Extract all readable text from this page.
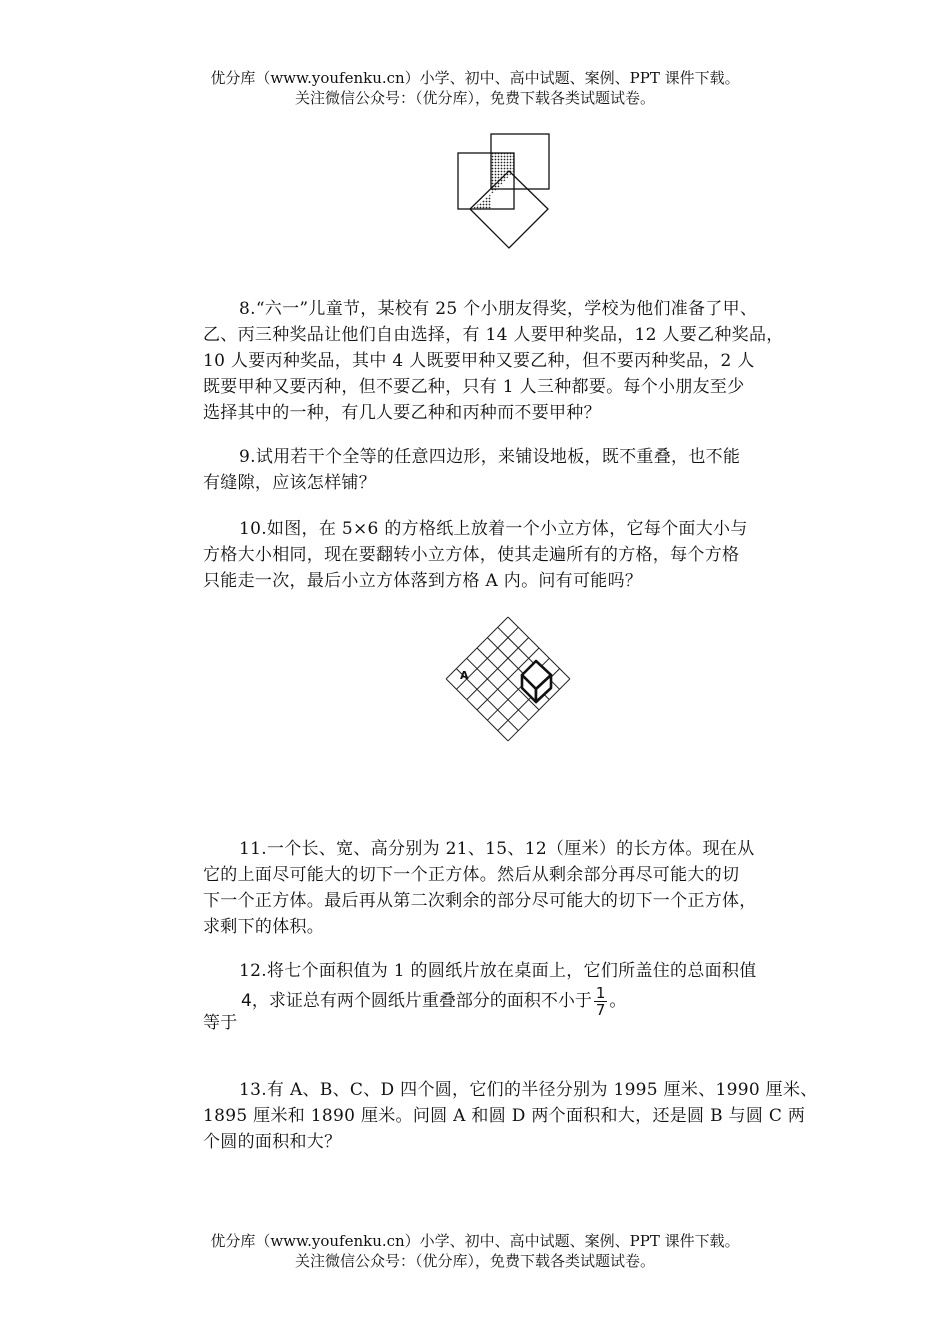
优分库（www.youfenku.cn）小学、初中、高中试题、案例、PPT 课件下载。
关注微信公众号：（优分库），免费下载各类试题试卷。

8.“六一”儿童节，某校有 25 个小朋友得奖，学校为他们准备了甲、

乙、丙三种奖品让他们自由选择，有 14 人要甲种奖品，12 人要乙种奖品，

10 人要丙种奖品，其中 4 人既要甲种又要乙种，但不要丙种奖品，2 人

既要甲种又要丙种，但不要乙种，只有 1 人三种都要。每个小朋友至少

选择其中的一种，有几人要乙种和丙种而不要甲种？

9.试用若干个全等的任意四边形，来铺设地板，既不重叠，也不能

有缝隙，应该怎样铺？

10.如图，在 5×6 的方格纸上放着一个小立方体，它每个面大小与

方格大小相同，现在要翻转小立方体，使其走遍所有的方格，每个方格

只能走一次，最后小立方体落到方格 A 内。问有可能吗？

A

11.一个长、宽、高分别为 21、15、12（厘米）的长方体。现在从

它的上面尽可能大的切下一个正方体。然后从剩余部分再尽可能大的切

下一个正方体。最后再从第二次剩余的部分尽可能大的切下一个正方体，

求剩下的体积。

12.将七个面积值为 1 的圆纸片放在桌面上，它们所盖住的总面积值

4，求证总有两个圆纸片重叠部分的面积不小于 $\frac{1}{7}$ 。

等于

13.有 A、B、C、D 四个圆，它们的半径分别为 1995 厘米、1990 厘米、

1895 厘米和 1890 厘米。问圆 A 和圆 D 两个面积和大，还是圆 B 与圆 C 两

个圆的面积和大？

优分库（www.youfenku.cn）小学、初中、高中试题、案例、PPT 课件下载。
关注微信公众号：（优分库），免费下载各类试题试卷。
